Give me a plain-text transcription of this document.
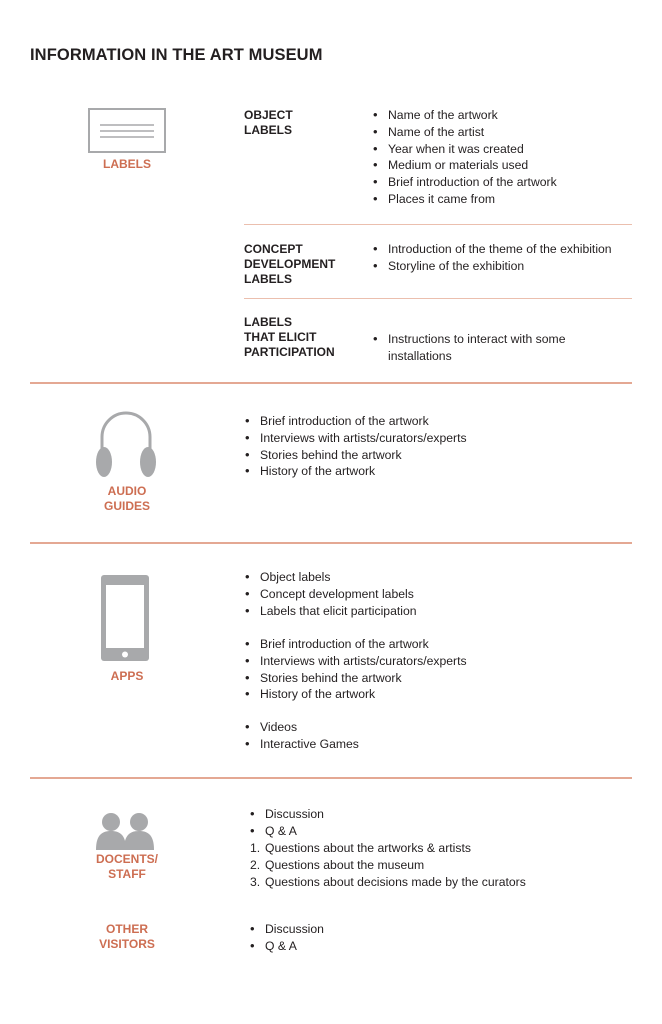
INFORMATION IN THE ART MUSEUM
LABELS
OBJECT
LABELS
• Name of the artwork
• Name of the artist
• Year when it was created
• Medium or materials used
• Brief introduction of the artwork
• Places it came from
CONCEPT
DEVELOPMENT
LABELS
• Introduction of the theme of the exhibition
• Storyline of the exhibition
LABELS
THAT ELICIT
PARTICIPATION

• Instructions to interact with some
installations

AUDIO
GUIDES
• Brief introduction of the artwork
• Interviews with artists/curators/experts
• Stories behind the artwork
• History of the artwork
APPS
• Object labels
• Concept development labels
• Labels that elicit participation
• Brief introduction of the artwork
• Interviews with artists/curators/experts
• Stories behind the artwork
• History of the artwork
• Videos
• Interactive Games
DOCENTS/
STAFF
• Discussion
• Q & A
1. Questions about the artworks & artists
2. Questions about the museum
3. Questions about decisions made by the curators
OTHER
VISITORS
• Discussion
• Q & A
